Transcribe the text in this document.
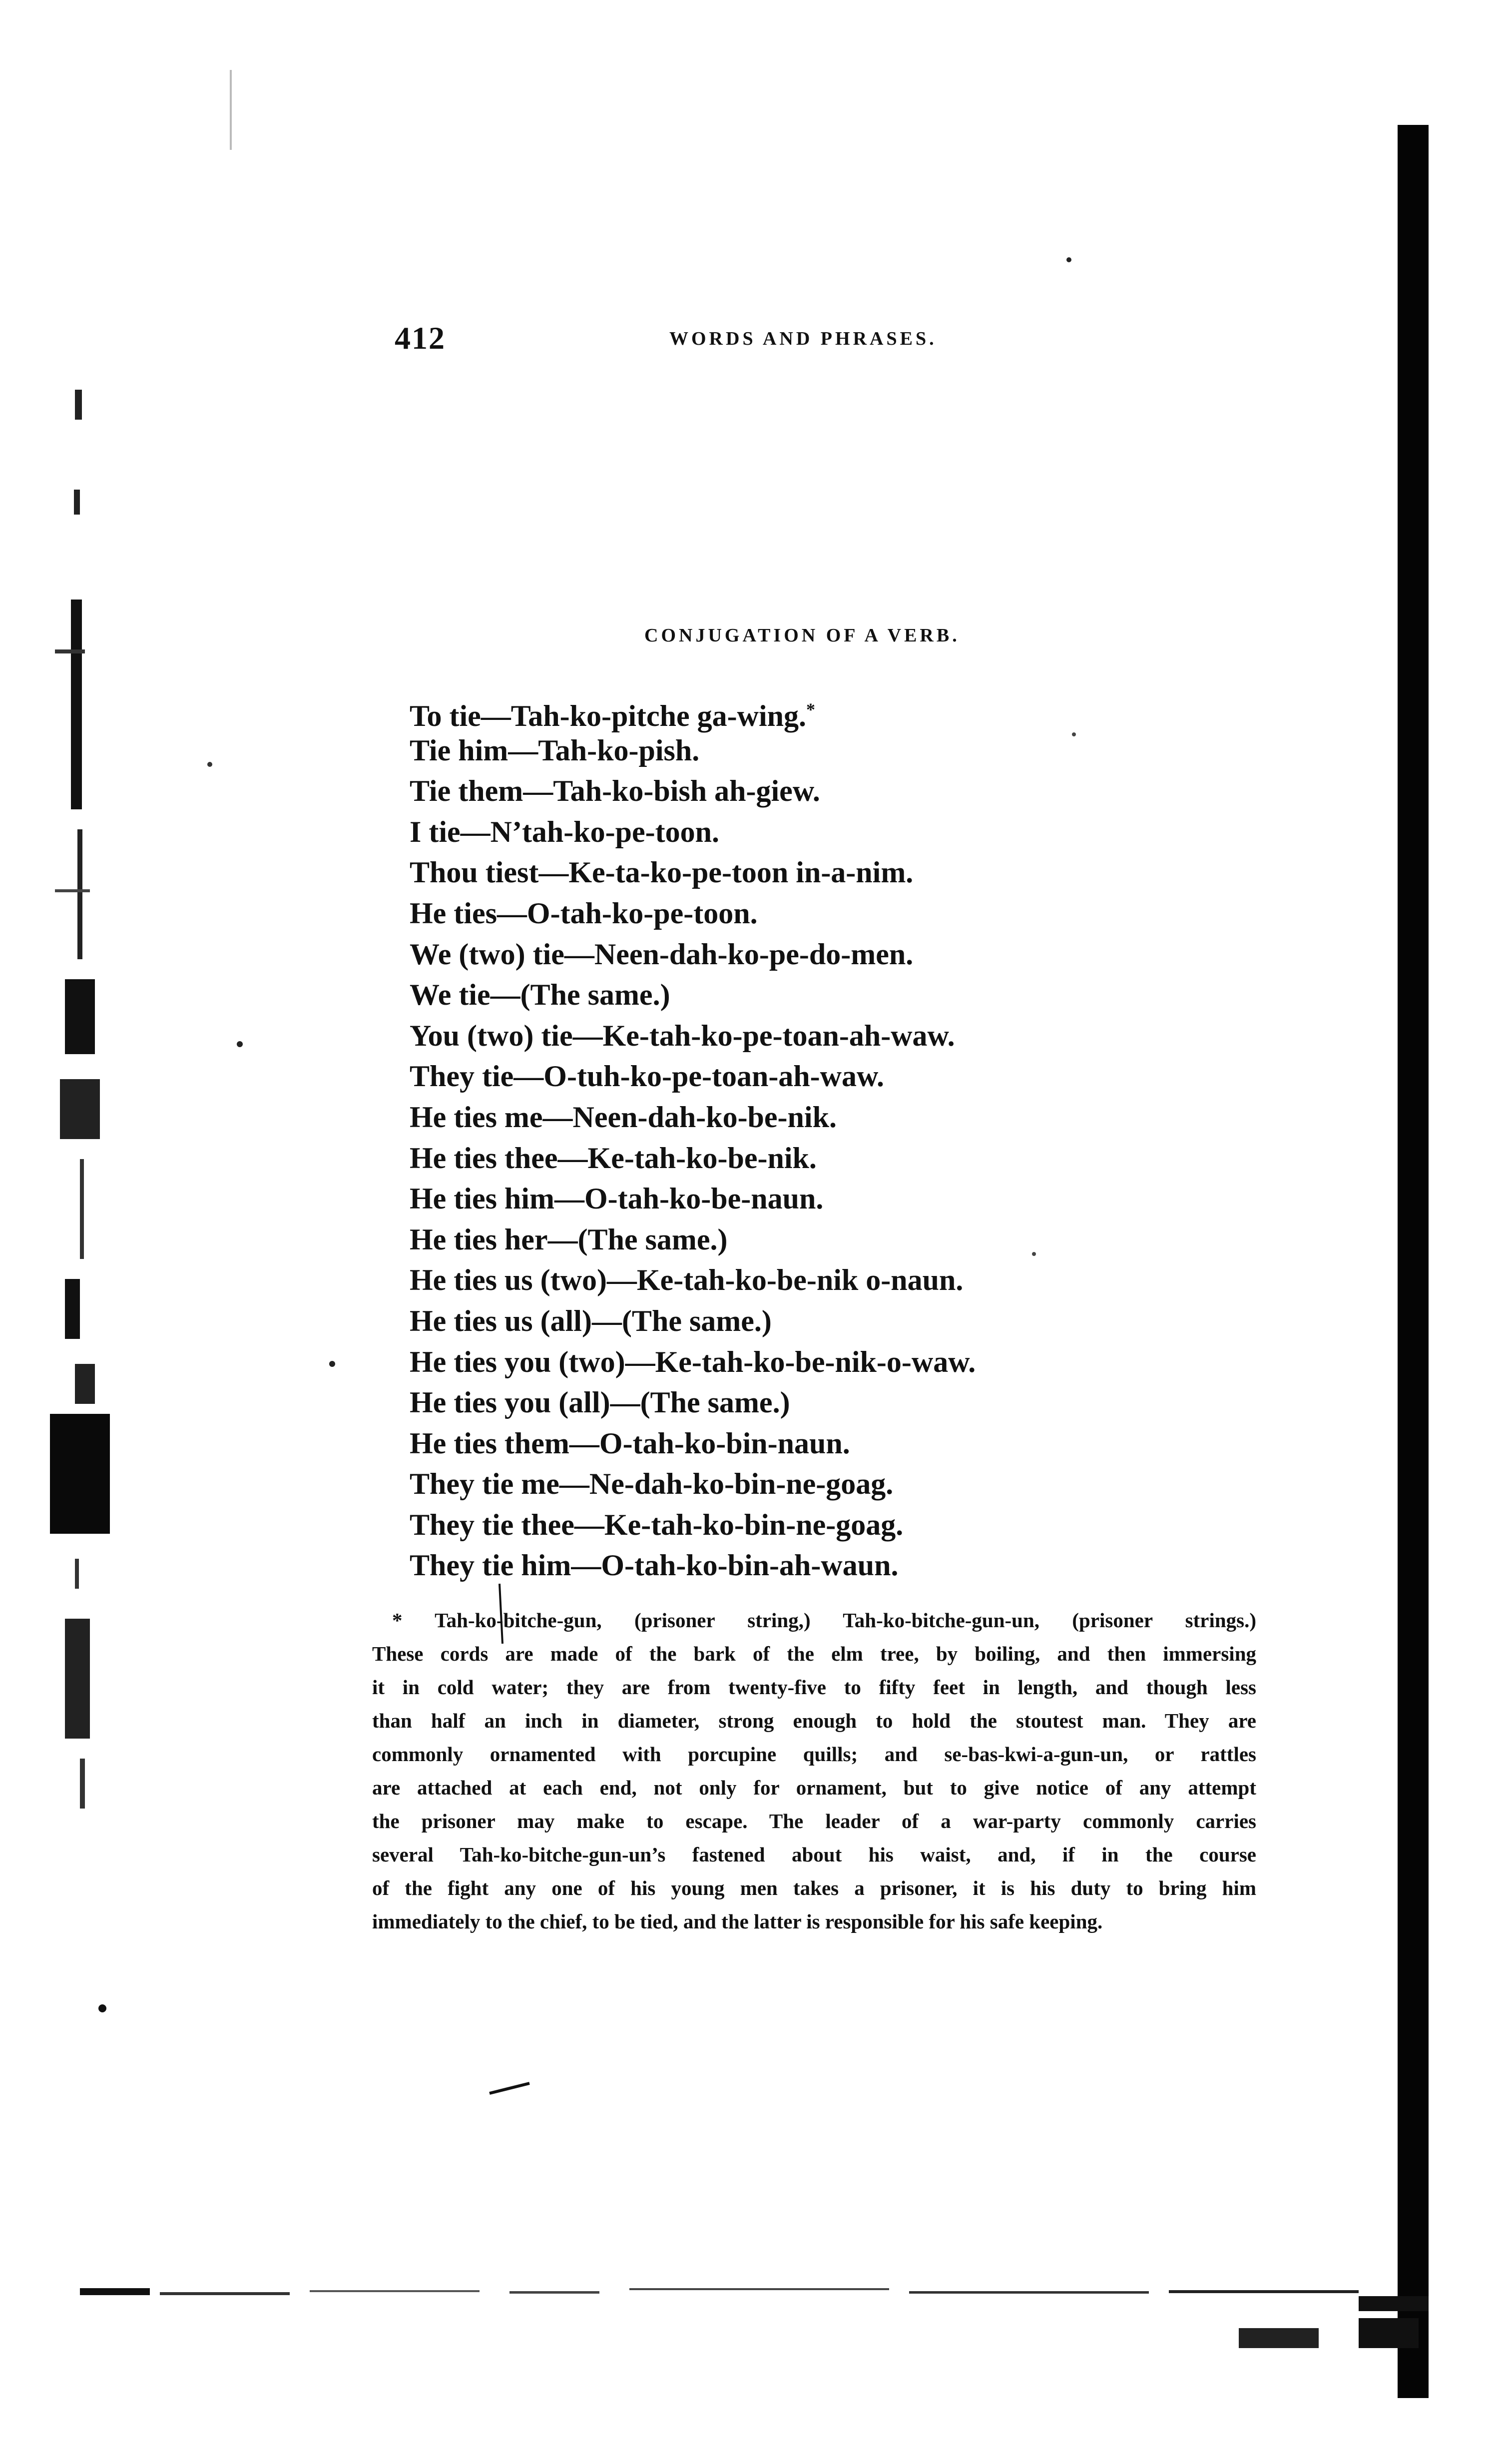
412	WORDS AND PHRASES.
CONJUGATION OF A VERB.
To tie—Tah-ko-pitche ga-wing.*
Tie him—Tah-ko-pish.
Tie them—Tah-ko-bish ah-giew.
I tie—N’tah-ko-pe-toon.
Thou tiest—Ke-ta-ko-pe-toon in-a-nim.
He ties—O-tah-ko-pe-toon.
We (two) tie—Neen-dah-ko-pe-do-men.
We tie—(The same.)
You (two) tie—Ke-tah-ko-pe-toan-ah-waw.
They tie—O-tuh-ko-pe-toan-ah-waw.
He ties me—Neen-dah-ko-be-nik.
He ties thee—Ke-tah-ko-be-nik.
He ties him—O-tah-ko-be-naun.
He ties her—(The same.)
He ties us (two)—Ke-tah-ko-be-nik o-naun.
He ties us (all)—(The same.)
He ties you (two)—Ke-tah-ko-be-nik-o-waw.
He ties you (all)—(The same.)
He ties them—O-tah-ko-bin-naun.
They tie me—Ne-dah-ko-bin-ne-goag.
They tie thee—Ke-tah-ko-bin-ne-goag.
They tie him—O-tah-ko-bin-ah-waun.
* Tah-ko-bitche-gun, (prisoner string,) Tah-ko-bitche-gun-un, (prisoner strings.)
These cords are made of the bark of the elm tree, by boiling, and then immersing
it in cold water; they are from twenty-five to fifty feet in length, and though less
than half an inch in diameter, strong enough to hold the stoutest man. They are
commonly ornamented with porcupine quills; and se-bas-kwi-a-gun-un, or rattles
are attached at each end, not only for ornament, but to give notice of any attempt
the prisoner may make to escape. The leader of a war-party commonly carries
several Tah-ko-bitche-gun-un’s fastened about his waist, and, if in the course
of the fight any one of his young men takes a prisoner, it is his duty to bring him
immediately to the chief, to be tied, and the latter is responsible for his safe keeping.
